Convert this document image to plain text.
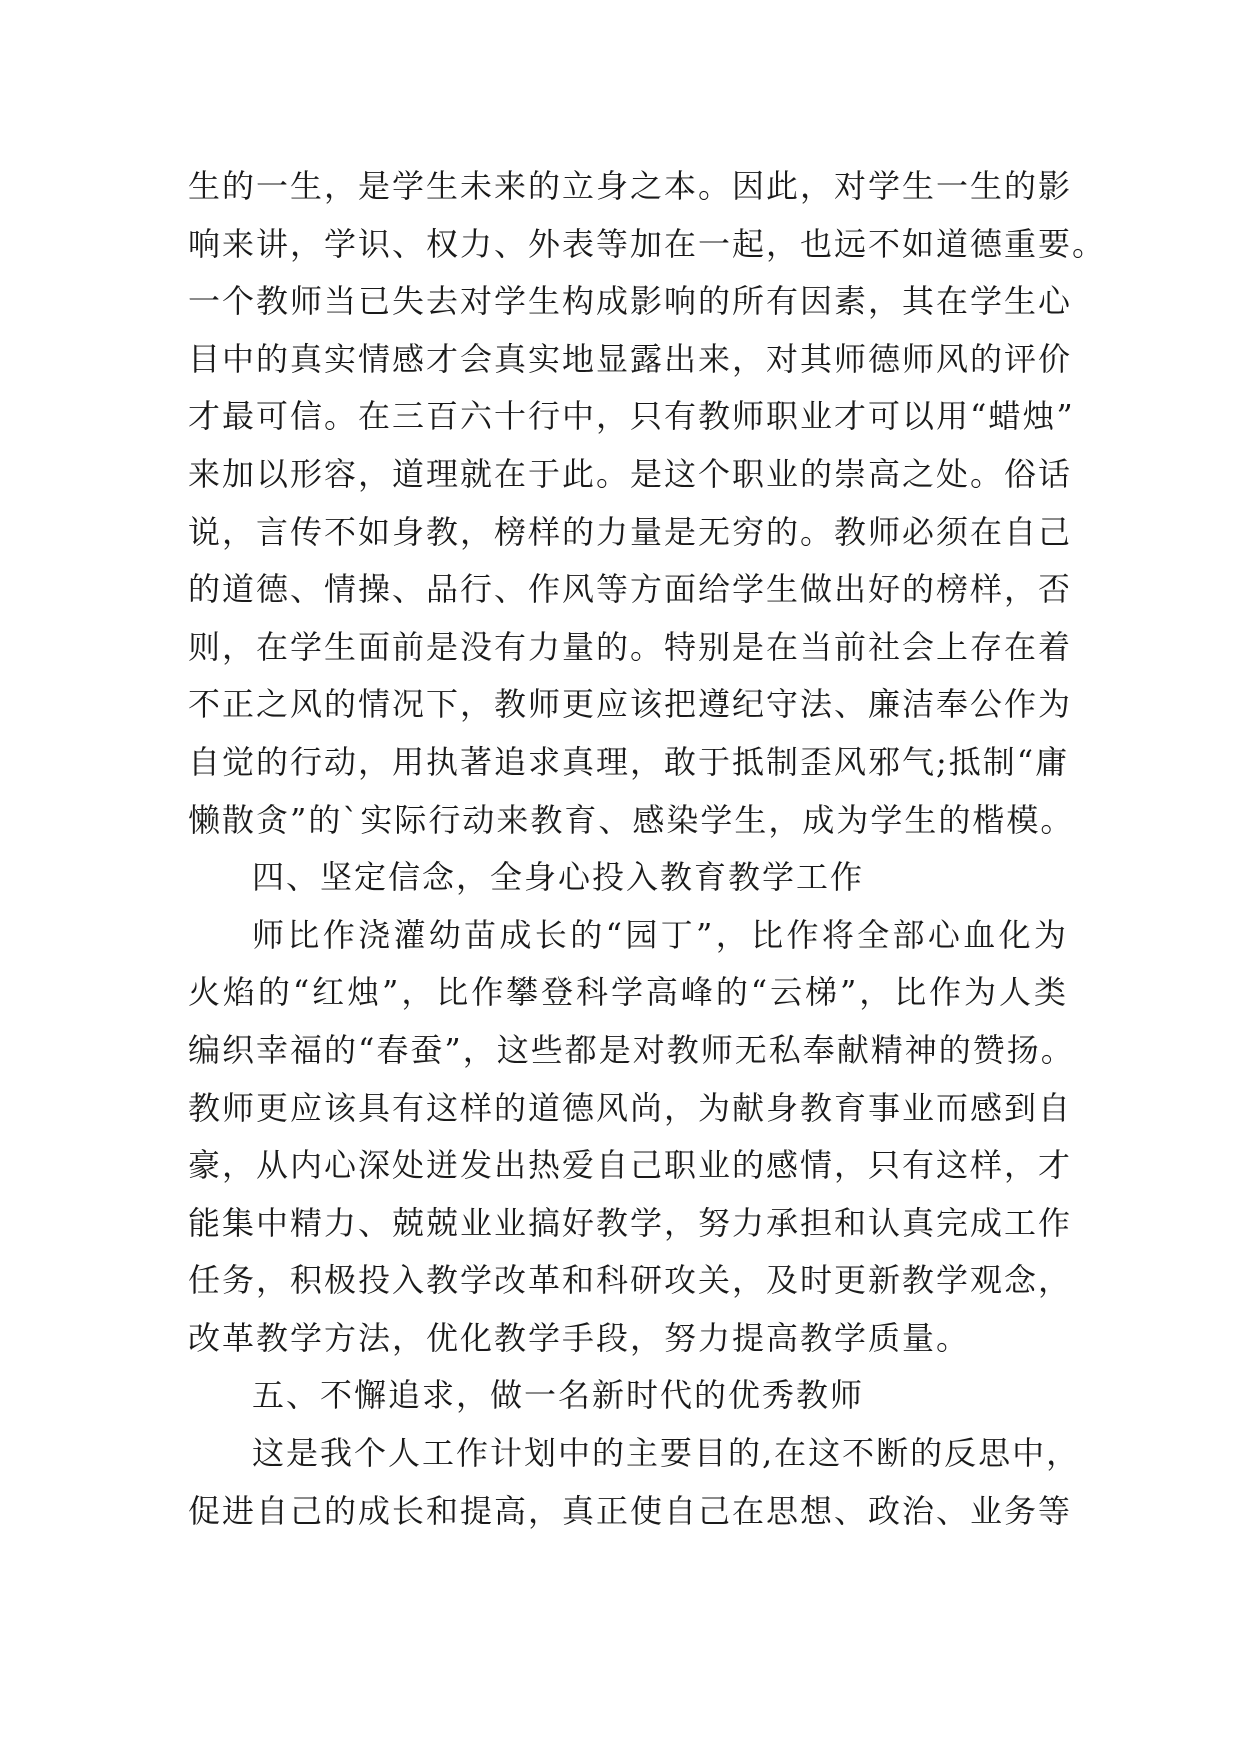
生的一生，是学生未来的立身之本。因此，对学生一生的影
响来讲，学识、权力、外表等加在一起，也远不如道德重要。
一个教师当已失去对学生构成影响的所有因素，其在学生心
目中的真实情感才会真实地显露出来，对其师德师风的评价
才最可信。在三百六十行中，只有教师职业才可以用“蜡烛”
来加以形容，道理就在于此。是这个职业的崇高之处。俗话
说，言传不如身教，榜样的力量是无穷的。教师必须在自己
的道德、情操、品行、作风等方面给学生做出好的榜样，否
则，在学生面前是没有力量的。特别是在当前社会上存在着
不正之风的情况下，教师更应该把遵纪守法、廉洁奉公作为
自觉的行动，用执著追求真理，敢于抵制歪风邪气;抵制“庸
懒散贪”的`实际行动来教育、感染学生，成为学生的楷模。
四、坚定信念，全身心投入教育教学工作
师比作浇灌幼苗成长的“园丁”，比作将全部心血化为
火焰的“红烛”，比作攀登科学高峰的“云梯”，比作为人类
编织幸福的“春蚕”，这些都是对教师无私奉献精神的赞扬。
教师更应该具有这样的道德风尚，为献身教育事业而感到自
豪，从内心深处迸发出热爱自己职业的感情，只有这样，才
能集中精力、兢兢业业搞好教学，努力承担和认真完成工作
任务，积极投入教学改革和科研攻关，及时更新教学观念，
改革教学方法，优化教学手段，努力提高教学质量。
五、不懈追求，做一名新时代的优秀教师
这是我个人工作计划中的主要目的,在这不断的反思中，
促进自己的成长和提高，真正使自己在思想、政治、业务等
